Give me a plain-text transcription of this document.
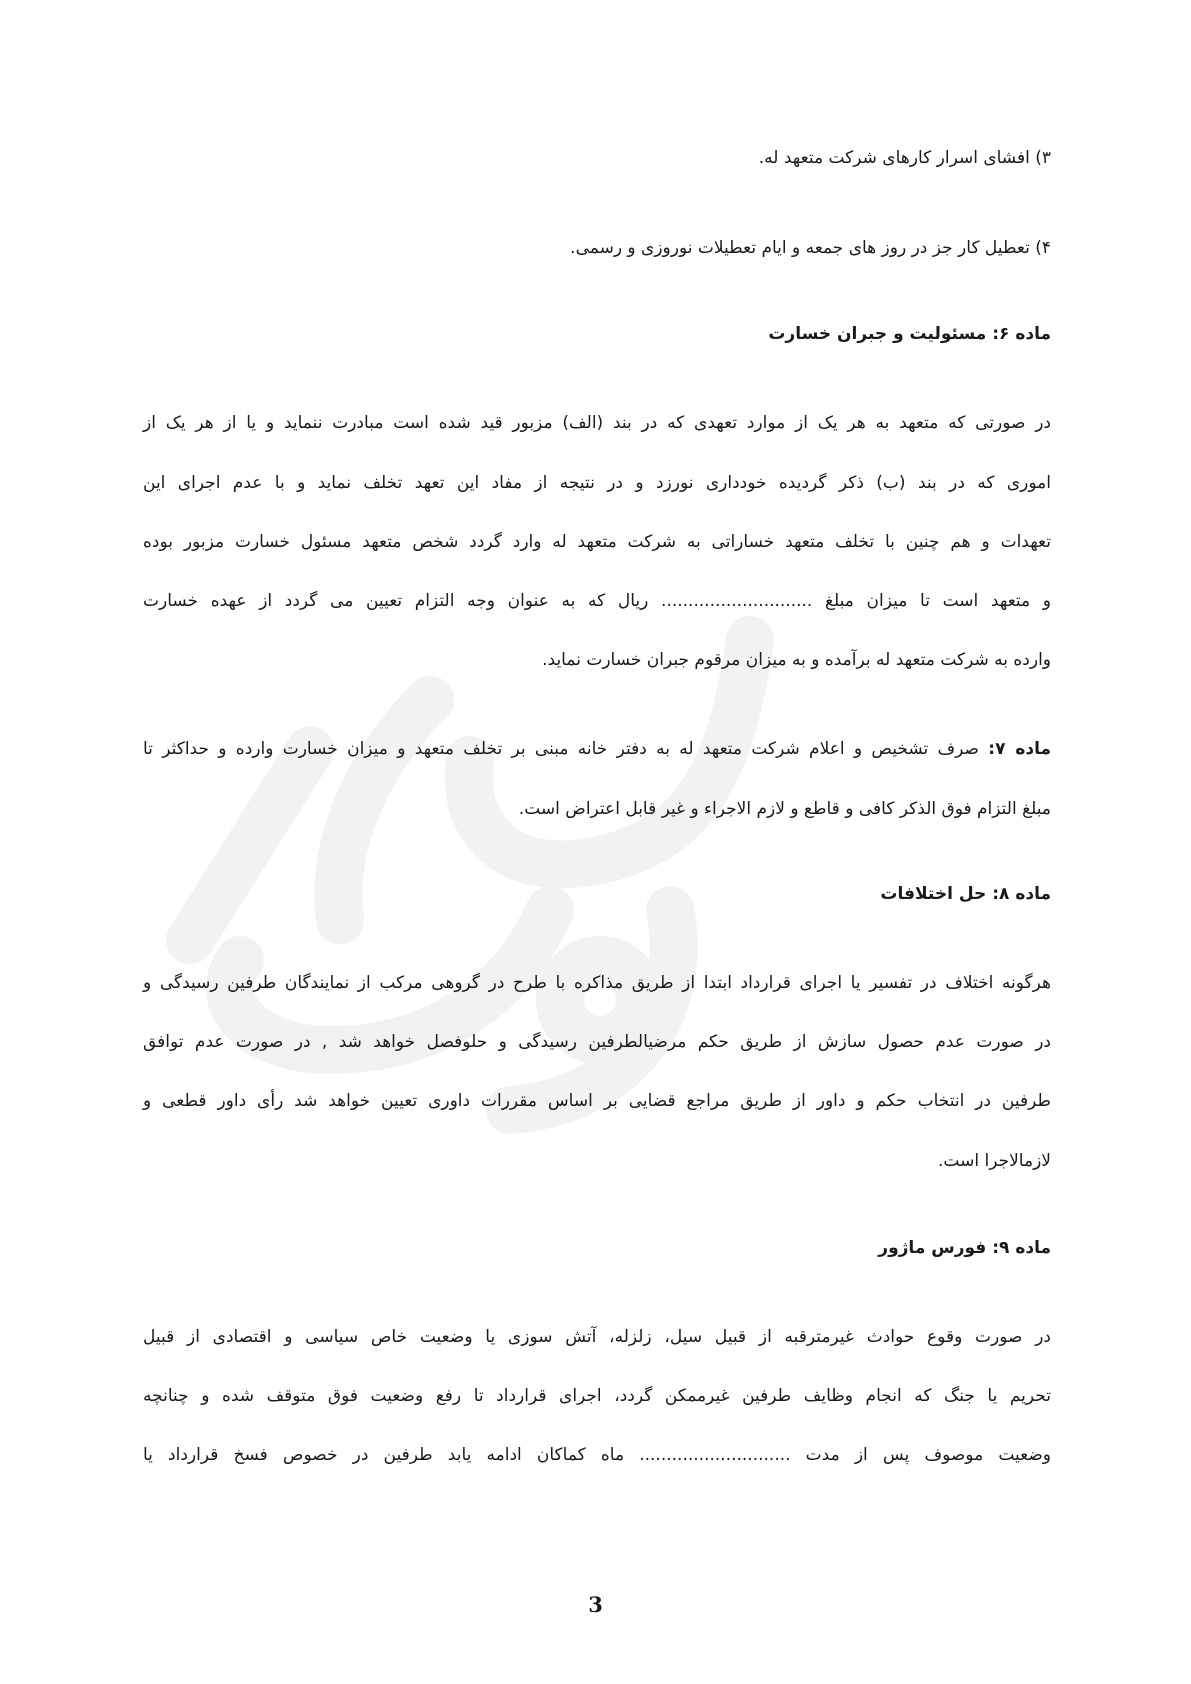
۳) افشای اسرار کارهای شرکت متعهد له.
۴) تعطیل کار جز در روز های جمعه و ایام تعطیلات نوروزی و رسمی.
ماده ۶: مسئولیت و جبران خسارت
در صورتی که متعهد به هر یک از موارد تعهدی که در بند (الف) مزبور قید شده است مبادرت ننماید و یا از هر یک از
اموری که در بند (ب) ذکر گردیده خودداری نورزد و در نتیجه از مفاد این تعهد تخلف نماید و با عدم اجرای این
تعهدات و هم چنین با تخلف متعهد خساراتی به شرکت متعهد له وارد گردد شخص متعهد مسئول خسارت مزبور بوده
و متعهد است تا میزان مبلغ ............................ ریال که به عنوان وجه التزام تعیین می گردد از عهده خسارت
وارده به شرکت متعهد له برآمده و به میزان مرقوم جبران خسارت نماید.
ماده ۷: صرف تشخیص و اعلام شرکت متعهد له به دفتر خانه مبنی بر تخلف متعهد و میزان خسارت وارده و حداکثر تا
مبلغ التزام فوق الذکر کافی و قاطع و لازم الاجراء و غیر قابل اعتراض است.
ماده ۸: حل اختلافات
هرگونه اختلاف در تفسیر یا اجرای قرارداد ابتدا از طریق مذاکره با طرح در گروهی مرکب از نمایندگان طرفین رسیدگی و
در صورت عدم حصول سازش از طریق حکم مرضیالطرفین رسیدگی و حلوفصل خواهد شد , در صورت عدم توافق
طرفین در انتخاب حکم و داور از طریق مراجع قضایی بر اساس مقررات داوری تعیین خواهد شد رأی داور قطعی و
لازمالاجرا است.
ماده ۹: فورس ماژور
در صورت وقوع حوادث غیرمترقبه از قبیل سیل، زلزله، آتش سوزی یا وضعیت خاص سیاسی و اقتصادی از قبیل
تحریم یا جنگ که انجام وظایف طرفین غیرممکن گردد، اجرای قرارداد تا رفع وضعیت فوق متوقف شده و چنانچه
وضعیت موصوف پس از مدت ............................ ماه کماکان ادامه یابد طرفین در خصوص فسخ قرارداد یا
3
